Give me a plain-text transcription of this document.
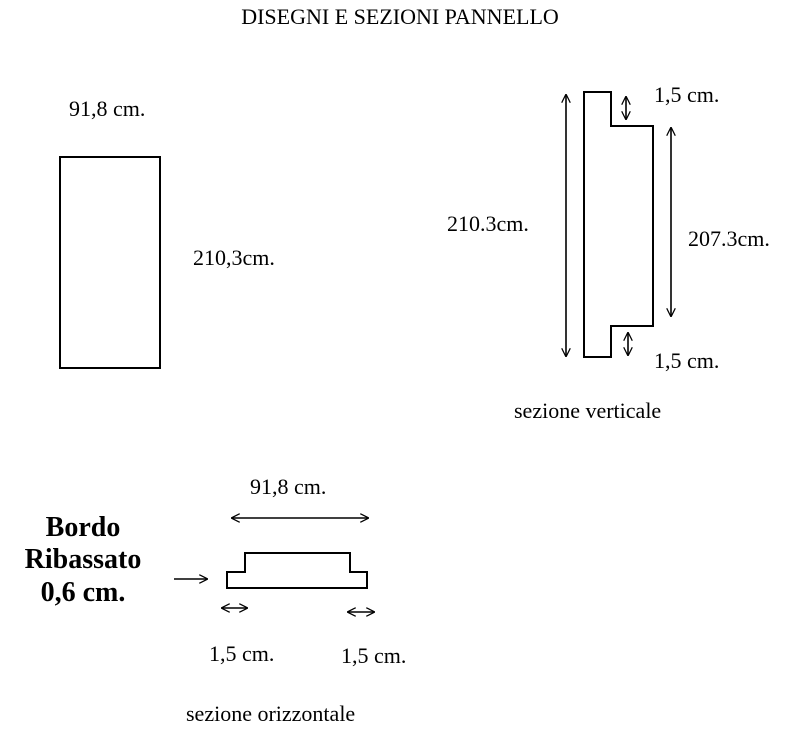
DISEGNI E SEZIONI PANNELLO
91,8 cm.
210,3cm.
1,5 cm.
210.3cm.
207.3cm.
1,5 cm.
sezione verticale
91,8 cm.
1,5 cm.	1,5 cm.
sezione orizzontale
Bordo
Ribassato
0,6 cm.
